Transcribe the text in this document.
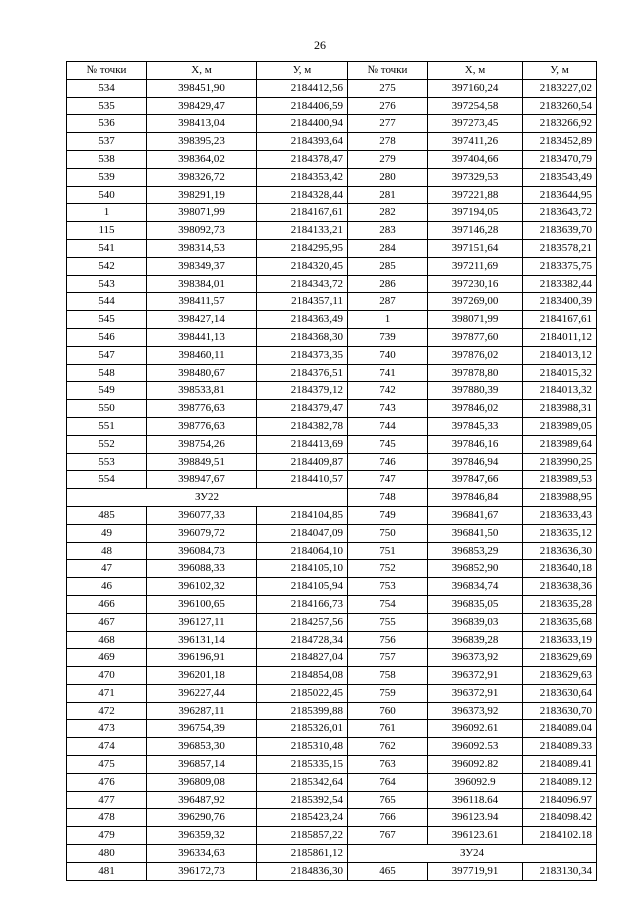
26
№ точки	Х, м	У, м	№ точки	Х, м	У, м
534	398451,90	2184412,56	275	397160,24	2183227,02
535	398429,47	2184406,59	276	397254,58	2183260,54
536	398413,04	2184400,94	277	397273,45	2183266,92
537	398395,23	2184393,64	278	397411,26	2183452,89
538	398364,02	2184378,47	279	397404,66	2183470,79
539	398326,72	2184353,42	280	397329,53	2183543,49
540	398291,19	2184328,44	281	397221,88	2183644,95
1	398071,99	2184167,61	282	397194,05	2183643,72
115	398092,73	2184133,21	283	397146,28	2183639,70
541	398314,53	2184295,95	284	397151,64	2183578,21
542	398349,37	2184320,45	285	397211,69	2183375,75
543	398384,01	2184343,72	286	397230,16	2183382,44
544	398411,57	2184357,11	287	397269,00	2183400,39
545	398427,14	2184363,49	1	398071,99	2184167,61
546	398441,13	2184368,30	739	397877,60	2184011,12
547	398460,11	2184373,35	740	397876,02	2184013,12
548	398480,67	2184376,51	741	397878,80	2184015,32
549	398533,81	2184379,12	742	397880,39	2184013,32
550	398776,63	2184379,47	743	397846,02	2183988,31
551	398776,63	2184382,78	744	397845,33	2183989,05
552	398754,26	2184413,69	745	397846,16	2183989,64
553	398849,51	2184409,87	746	397846,94	2183990,25
554	398947,67	2184410,57	747	397847,66	2183989,53
ЗУ22			748	397846,84	2183988,95
485	396077,33	2184104,85	749	396841,67	2183633,43
49	396079,72	2184047,09	750	396841,50	2183635,12
48	396084,73	2184064,10	751	396853,29	2183636,30
47	396088,33	2184105,10	752	396852,90	2183640,18
46	396102,32	2184105,94	753	396834,74	2183638,36
466	396100,65	2184166,73	754	396835,05	2183635,28
467	396127,11	2184257,56	755	396839,03	2183635,68
468	396131,14	2184728,34	756	396839,28	2183633,19
469	396196,91	2184827,04	757	396373,92	2183629,69
470	396201,18	2184854,08	758	396372,91	2183629,63
471	396227,44	2185022,45	759	396372,91	2183630,64
472	396287,11	2185399,88	760	396373,92	2183630,70
473	396754,39	2185326,01	761	396092.61	2184089.04
474	396853,30	2185310,48	762	396092.53	2184089.33
475	396857,14	2185335,15	763	396092.82	2184089.41
476	396809,08	2185342,64	764	396092.9	2184089.12
477	396487,92	2185392,54	765	396118.64	2184096.97
478	396290,76	2185423,24	766	396123.94	2184098.42
479	396359,32	2185857,22	767	396123.61	2184102.18
480	396334,63	2185861,12	ЗУ24		
481	396172,73	2184836,30	465	397719,91	2183130,34
